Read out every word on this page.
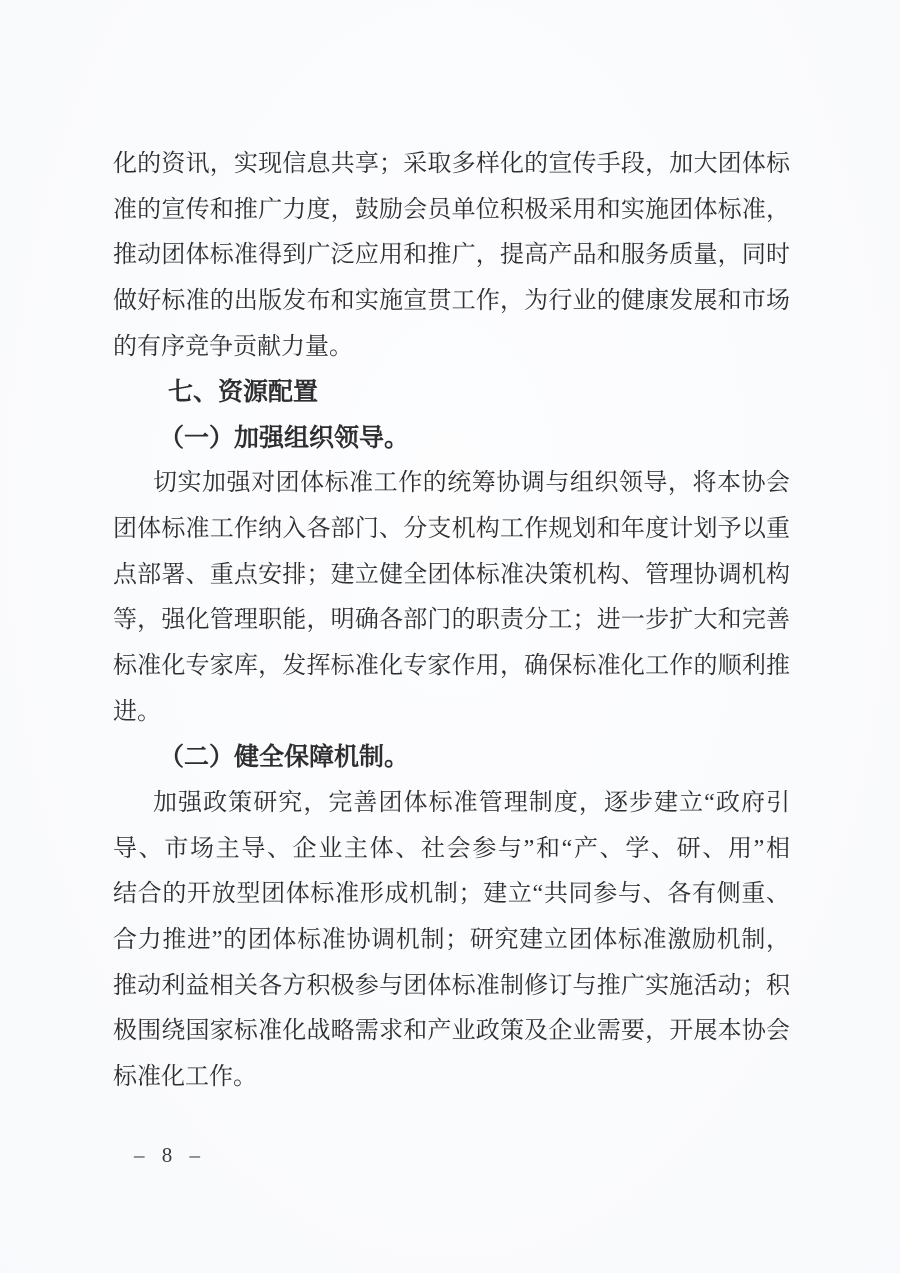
化的资讯，实现信息共享；采取多样化的宣传手段，加大团体标

准的宣传和推广力度，鼓励会员单位积极采用和实施团体标准，

推动团体标准得到广泛应用和推广，提高产品和服务质量，同时

做好标准的出版发布和实施宣贯工作，为行业的健康发展和市场

的有序竞争贡献力量。

七、资源配置

（一）加强组织领导。

切实加强对团体标准工作的统筹协调与组织领导，将本协会

团体标准工作纳入各部门、分支机构工作规划和年度计划予以重

点部署、重点安排；建立健全团体标准决策机构、管理协调机构

等，强化管理职能，明确各部门的职责分工；进一步扩大和完善

标准化专家库，发挥标准化专家作用，确保标准化工作的顺利推

进。

（二）健全保障机制。

加强政策研究，完善团体标准管理制度，逐步建立“政府引

导、市场主导、企业主体、社会参与”和“产、学、研、用”相

结合的开放型团体标准形成机制；建立“共同参与、各有侧重、

合力推进”的团体标准协调机制；研究建立团体标准激励机制，

推动利益相关各方积极参与团体标准制修订与推广实施活动；积

极围绕国家标准化战略需求和产业政策及企业需要，开展本协会

标准化工作。

– 8 –
